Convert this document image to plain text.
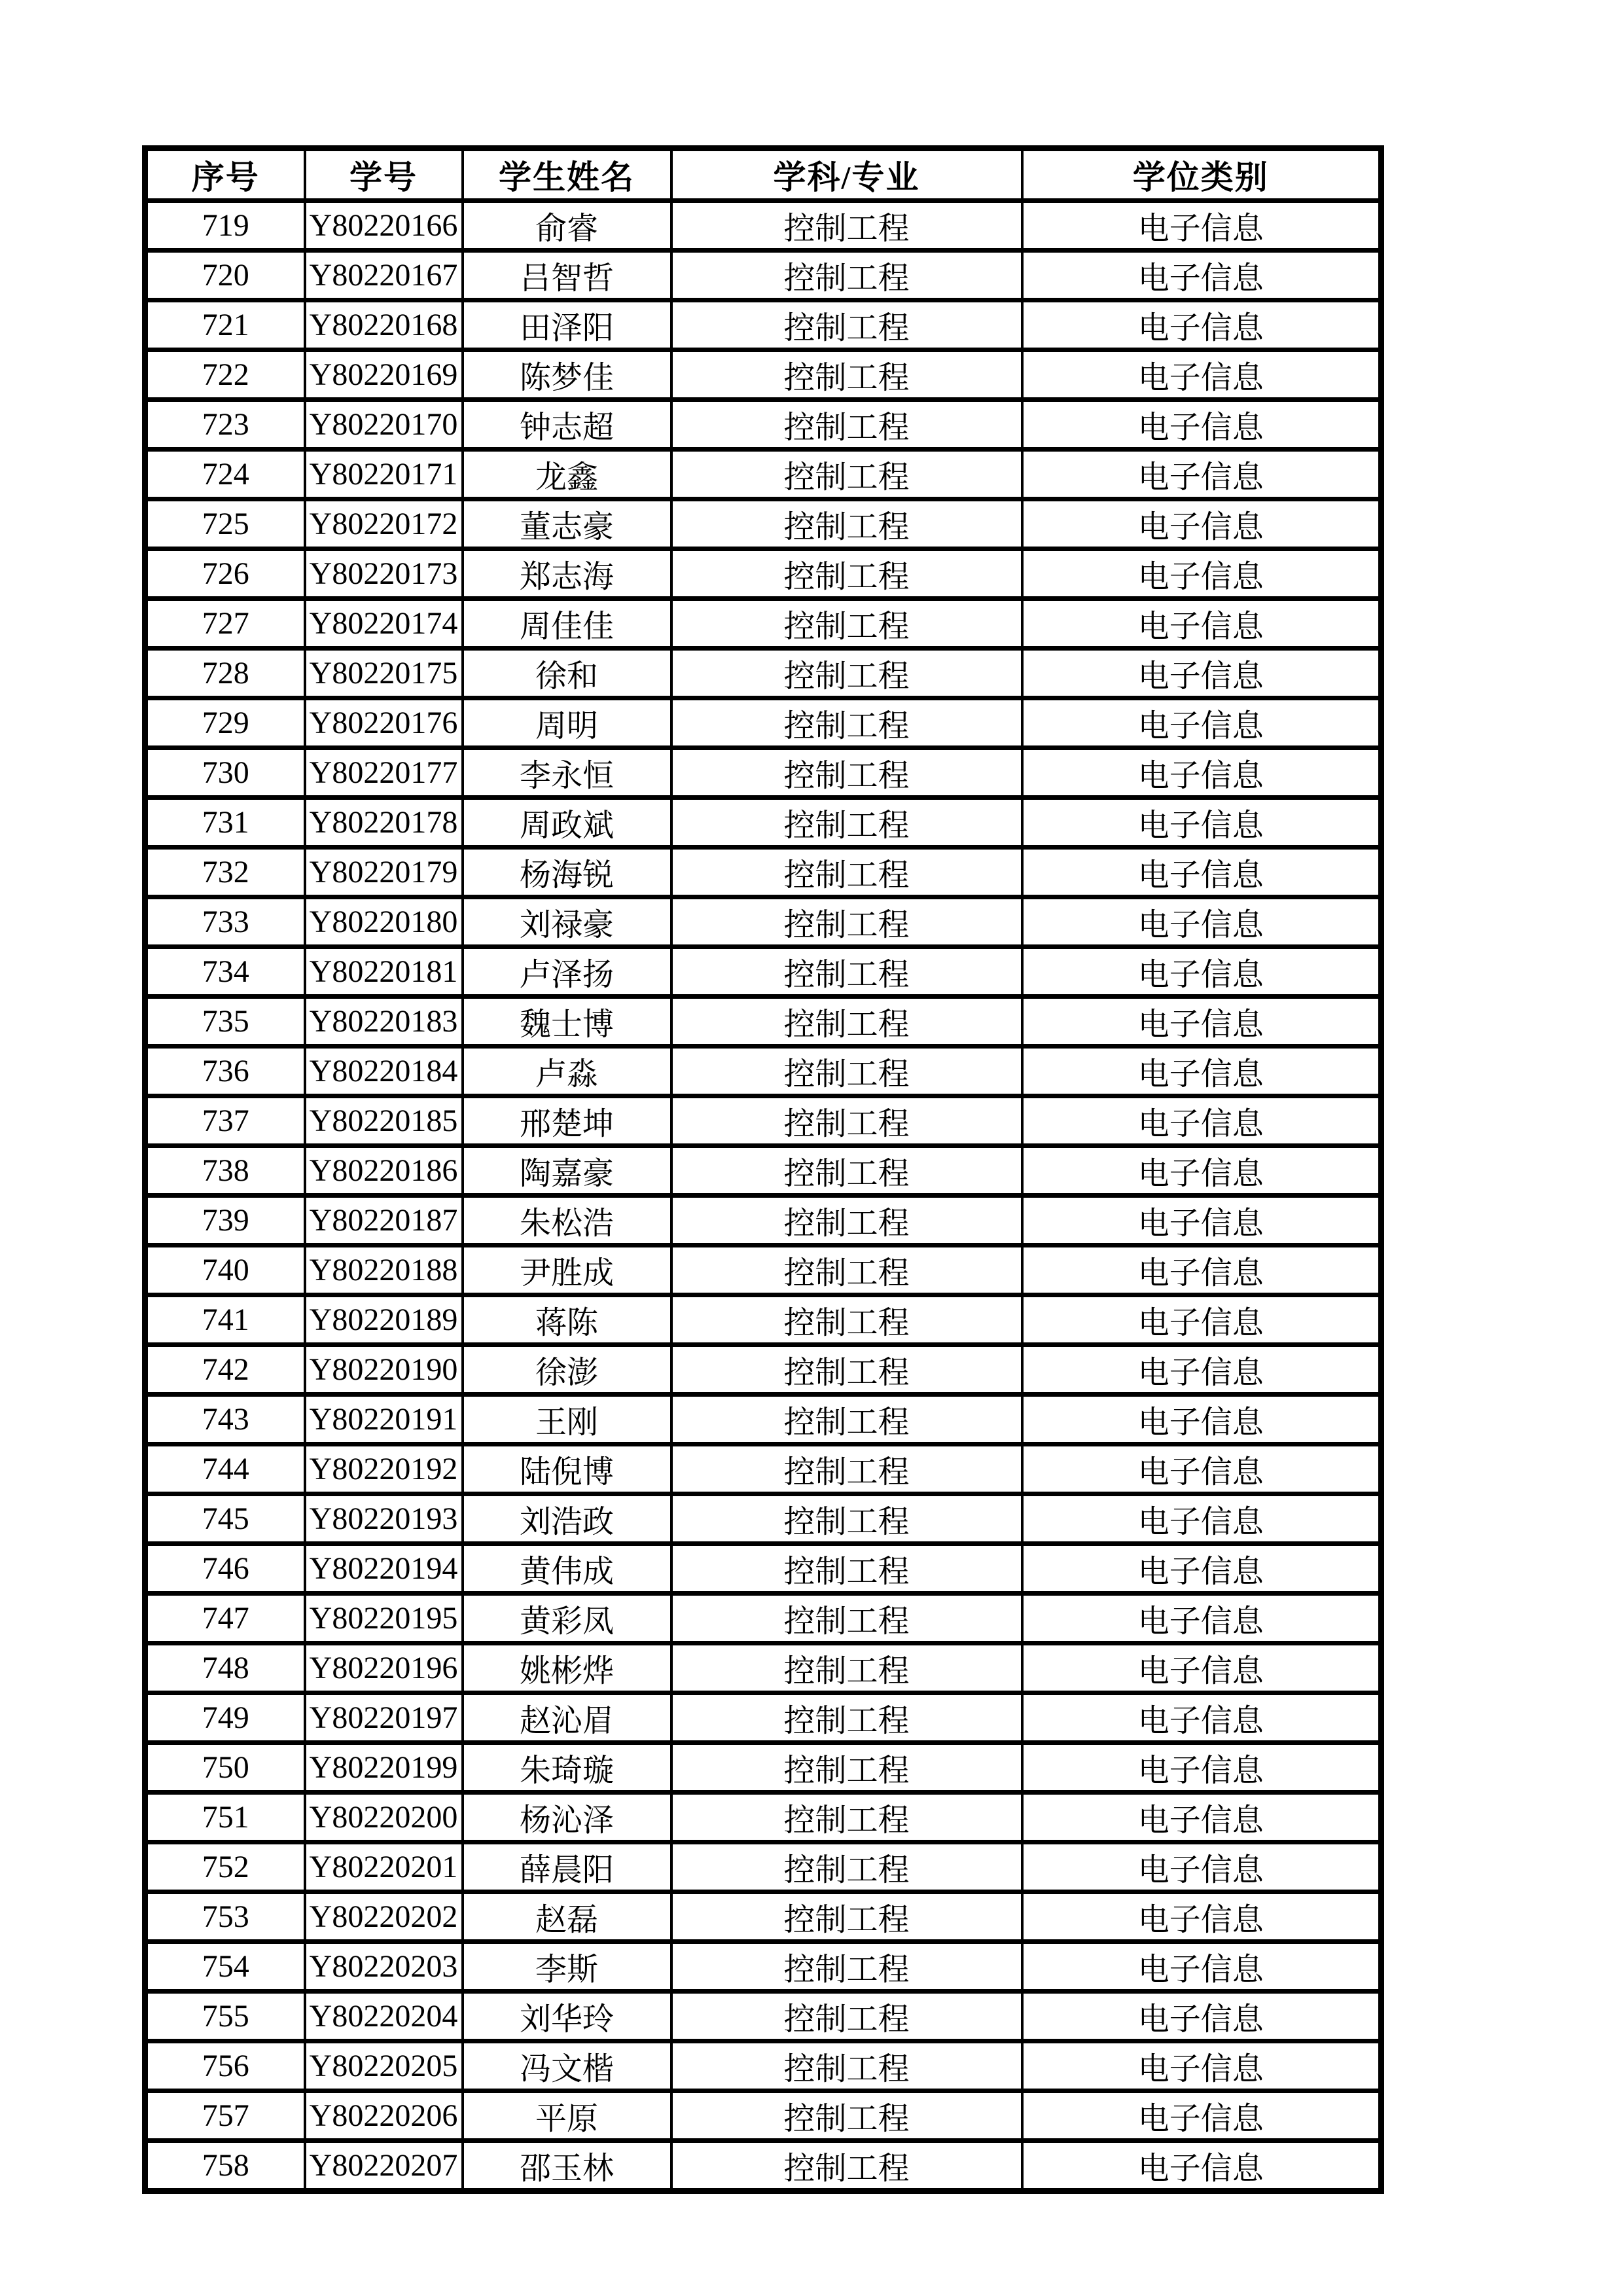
序号	学号	学生姓名	学科/专业	学位类别
719	Y80220166	俞睿	控制工程	电子信息
720	Y80220167	吕智哲	控制工程	电子信息
721	Y80220168	田泽阳	控制工程	电子信息
722	Y80220169	陈梦佳	控制工程	电子信息
723	Y80220170	钟志超	控制工程	电子信息
724	Y80220171	龙鑫	控制工程	电子信息
725	Y80220172	董志豪	控制工程	电子信息
726	Y80220173	郑志海	控制工程	电子信息
727	Y80220174	周佳佳	控制工程	电子信息
728	Y80220175	徐和	控制工程	电子信息
729	Y80220176	周明	控制工程	电子信息
730	Y80220177	李永恒	控制工程	电子信息
731	Y80220178	周政斌	控制工程	电子信息
732	Y80220179	杨海锐	控制工程	电子信息
733	Y80220180	刘禄豪	控制工程	电子信息
734	Y80220181	卢泽扬	控制工程	电子信息
735	Y80220183	魏士博	控制工程	电子信息
736	Y80220184	卢淼	控制工程	电子信息
737	Y80220185	邢楚坤	控制工程	电子信息
738	Y80220186	陶嘉豪	控制工程	电子信息
739	Y80220187	朱松浩	控制工程	电子信息
740	Y80220188	尹胜成	控制工程	电子信息
741	Y80220189	蒋陈	控制工程	电子信息
742	Y80220190	徐澎	控制工程	电子信息
743	Y80220191	王刚	控制工程	电子信息
744	Y80220192	陆倪博	控制工程	电子信息
745	Y80220193	刘浩政	控制工程	电子信息
746	Y80220194	黄伟成	控制工程	电子信息
747	Y80220195	黄彩凤	控制工程	电子信息
748	Y80220196	姚彬烨	控制工程	电子信息
749	Y80220197	赵沁眉	控制工程	电子信息
750	Y80220199	朱琦璇	控制工程	电子信息
751	Y80220200	杨沁泽	控制工程	电子信息
752	Y80220201	薛晨阳	控制工程	电子信息
753	Y80220202	赵磊	控制工程	电子信息
754	Y80220203	李斯	控制工程	电子信息
755	Y80220204	刘华玲	控制工程	电子信息
756	Y80220205	冯文楷	控制工程	电子信息
757	Y80220206	平原	控制工程	电子信息
758	Y80220207	邵玉林	控制工程	电子信息
